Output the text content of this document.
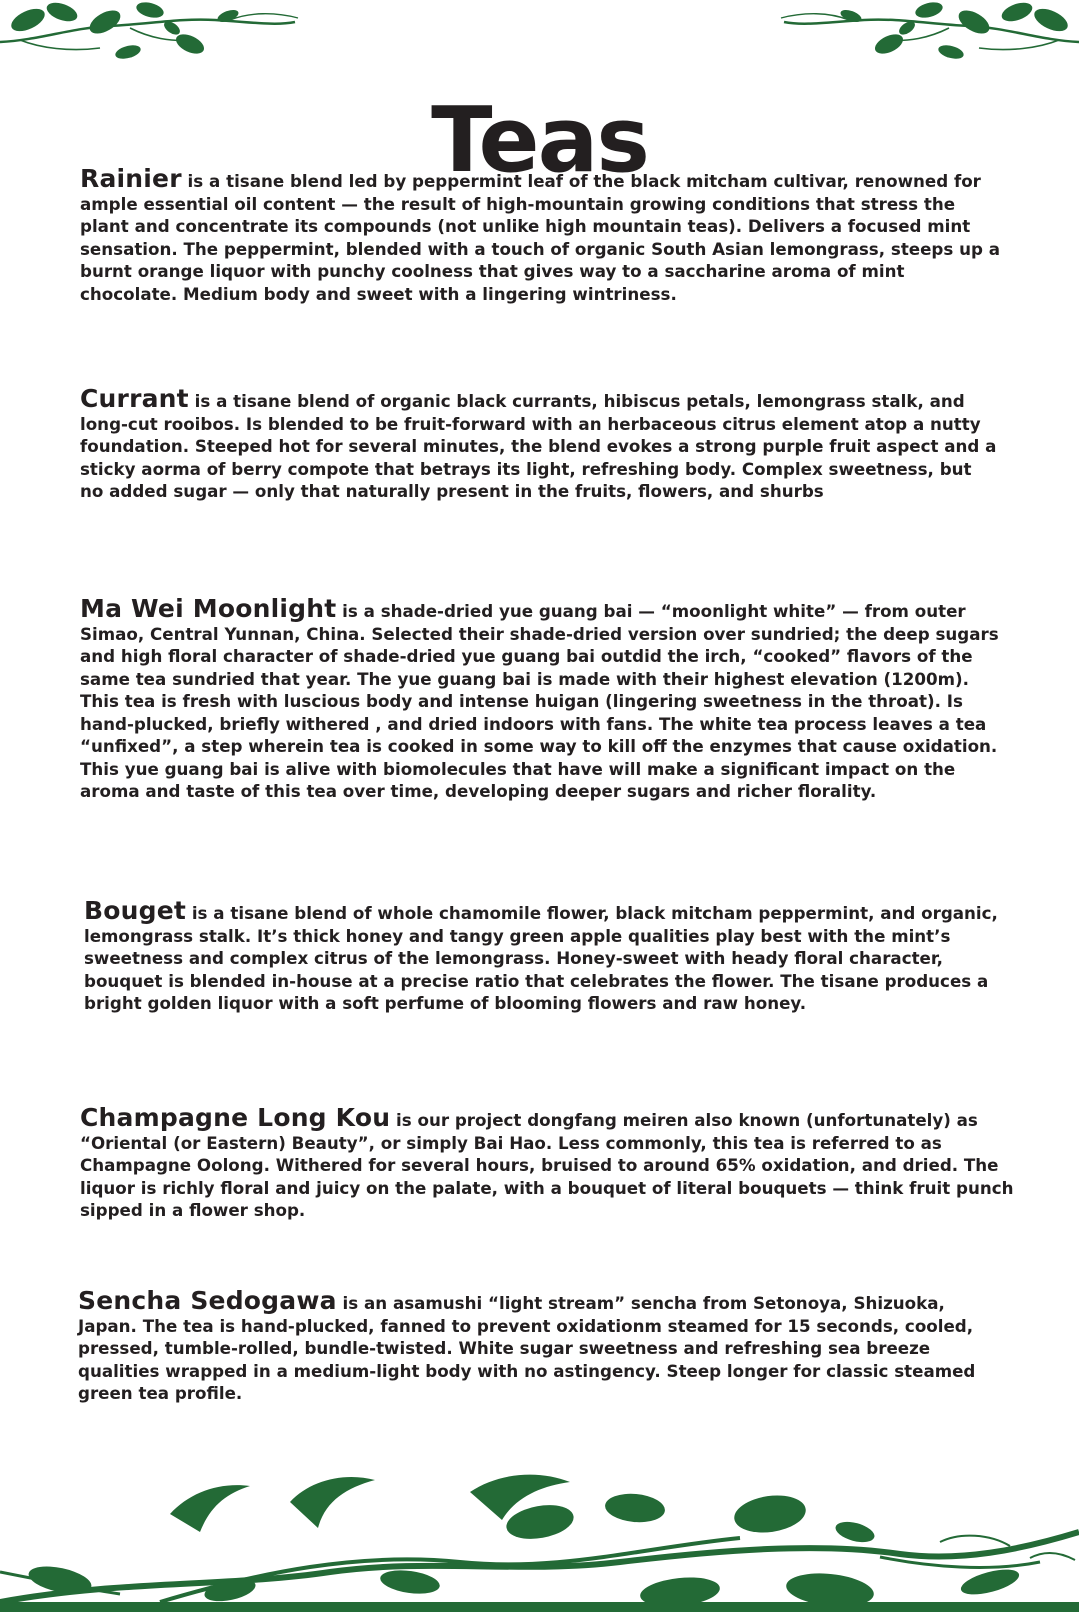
Teas

Rainier is a tisane blend led by peppermint leaf of the black mitcham cultivar, renowned for ample essential oil content — the result of high-mountain growing conditions that stress the plant and concentrate its compounds (not unlike high mountain teas). Delivers a focused mint sensation. The peppermint, blended with a touch of organic South Asian lemongrass, steeps up a burnt orange liquor with punchy coolness that gives way to a saccharine aroma of mint chocolate. Medium body and sweet with a lingering wintriness.

Currant is a tisane blend of organic black currants, hibiscus petals, lemongrass stalk, and long-cut rooibos. Is blended to be fruit-forward with an herbaceous citrus element atop a nutty foundation. Steeped hot for several minutes, the blend evokes a strong purple fruit aspect and a sticky aorma of berry compote that betrays its light, refreshing body. Complex sweetness, but no added sugar — only that naturally present in the fruits, flowers, and shurbs

Ma Wei Moonlight is a shade-dried yue guang bai — “moonlight white” — from outer Simao, Central Yunnan, China. Selected their shade-dried version over sundried; the deep sugars and high floral character of shade-dried yue guang bai outdid the irch, “cooked” flavors of the same tea sundried that year. The yue guang bai is made with their highest elevation (1200m). This tea is fresh with luscious body and intense huigan (lingering sweetness in the throat). Is hand-plucked, briefly withered , and dried indoors with fans. The white tea process leaves a tea “unfixed”, a step wherein tea is cooked in some way to kill off the enzymes that cause oxidation. This yue guang bai is alive with biomolecules that have will make a significant impact on the aroma and taste of this tea over time, developing deeper sugars and richer florality.

Bouget is a tisane blend of whole chamomile flower, black mitcham peppermint, and organic, lemongrass stalk. It’s thick honey and tangy green apple qualities play best with the mint’s sweetness and complex citrus of the lemongrass. Honey-sweet with heady floral character, bouquet is blended in-house at a precise ratio that celebrates the flower. The tisane produces a bright golden liquor with a soft perfume of blooming flowers and raw honey.

Champagne Long Kou is our project dongfang meiren also known (unfortunately) as “Oriental (or Eastern) Beauty”, or simply Bai Hao. Less commonly, this tea is referred to as Champagne Oolong. Withered for several hours, bruised to around 65% oxidation, and dried. The liquor is richly floral and juicy on the palate, with a bouquet of literal bouquets — think fruit punch sipped in a flower shop.

Sencha Sedogawa is an asamushi “light stream” sencha from Setonoya, Shizuoka, Japan. The tea is hand-plucked, fanned to prevent oxidationm steamed for 15 seconds, cooled, pressed, tumble-rolled, bundle-twisted. White sugar sweetness and refreshing sea breeze qualities wrapped in a medium-light body with no astingency. Steep longer for classic steamed green tea profile.
